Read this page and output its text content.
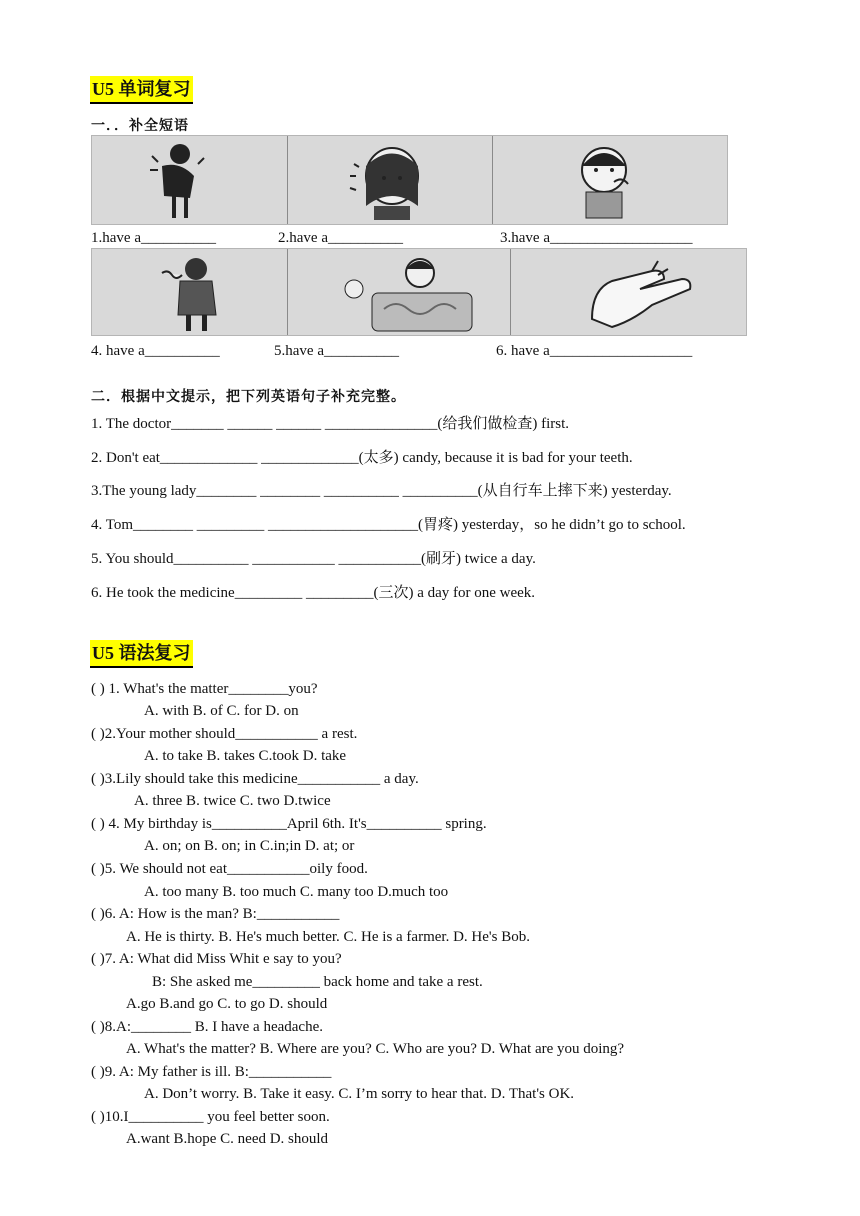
U5 单词复习
一．．补全短语
1.have a__________	2.have a__________	3.have a___________________
4. have a__________	5.have a__________	6. have a___________________
二．根据中文提示，把下列英语句子补充完整。
1. The doctor_______ ______ ______ _______________(给我们做检查) first.
2. Don't eat_____________ _____________(太多) candy, because it is bad for your teeth.
3.The young lady________ ________ __________ __________(从自行车上摔下来) yesterday.
4. Tom________ _________ ____________________(胃疼) yesterday，so he didn’t go to school.
5. You should__________ ___________ ___________(刷牙) twice a day.
6. He took the medicine_________ _________(三次) a day for one week.
U5 语法复习
( ) 1. What's the matter________you?
A. with B. of C. for D. on
( )2.Your mother should___________ a rest.
A. to take B. takes C.took D. take
( )3.Lily should take this medicine___________ a day.
A. three B. twice C. two D.twice
( ) 4. My birthday is__________April 6th. It's__________ spring.
A. on; on B. on; in C.in;in D. at; or
( )5. We should not eat___________oily food.
A. too many B. too much C. many too D.much too
( )6. A: How is the man? B:___________
A. He is thirty. B. He's much better. C. He is a farmer. D. He's Bob.
( )7. A: What did Miss Whit e say to you?
B: She asked me_________ back home and take a rest.
A.go B.and go C. to go D. should
( )8.A:________ B. I have a headache.
A. What's the matter? B. Where are you? C. Who are you? D. What are you doing?
( )9. A: My father is ill. B:___________
A. Don’t worry. B. Take it easy. C. I’m sorry to hear that. D. That's OK.
( )10.I__________ you feel better soon.
A.want B.hope C. need D. should
